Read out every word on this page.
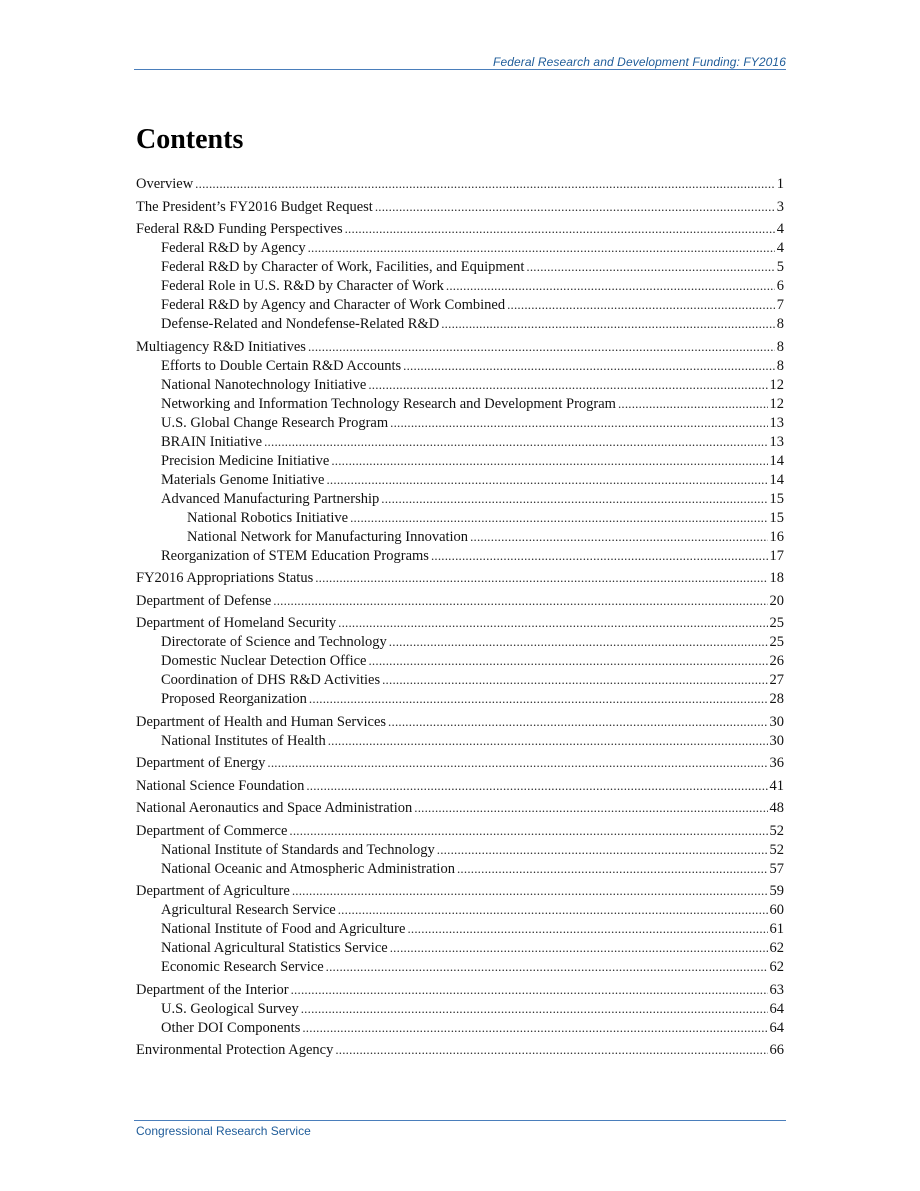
Federal Research and Development Funding: FY2016
Contents
Overview .....	1
The President’s FY2016 Budget Request .....	3
Federal R&D Funding Perspectives .....	4
Federal R&D by Agency .....	4
Federal R&D by Character of Work, Facilities, and Equipment .....	5
Federal Role in U.S. R&D by Character of Work .....	6
Federal R&D by Agency and Character of Work Combined .....	7
Defense-Related and Nondefense-Related R&D .....	8
Multiagency R&D Initiatives .....	8
Efforts to Double Certain R&D Accounts .....	8
National Nanotechnology Initiative .....	12
Networking and Information Technology Research and Development Program .....	12
U.S. Global Change Research Program .....	13
BRAIN Initiative .....	13
Precision Medicine Initiative .....	14
Materials Genome Initiative .....	14
Advanced Manufacturing Partnership .....	15
National Robotics Initiative .....	15
National Network for Manufacturing Innovation .....	16
Reorganization of STEM Education Programs .....	17
FY2016 Appropriations Status .....	18
Department of Defense .....	20
Department of Homeland Security .....	25
Directorate of Science and Technology .....	25
Domestic Nuclear Detection Office .....	26
Coordination of DHS R&D Activities .....	27
Proposed Reorganization .....	28
Department of Health and Human Services .....	30
National Institutes of Health .....	30
Department of Energy .....	36
National Science Foundation .....	41
National Aeronautics and Space Administration .....	48
Department of Commerce .....	52
National Institute of Standards and Technology .....	52
National Oceanic and Atmospheric Administration .....	57
Department of Agriculture .....	59
Agricultural Research Service .....	60
National Institute of Food and Agriculture .....	61
National Agricultural Statistics Service .....	62
Economic Research Service .....	62
Department of the Interior .....	63
U.S. Geological Survey .....	64
Other DOI Components .....	64
Environmental Protection Agency .....	66
Congressional Research Service
